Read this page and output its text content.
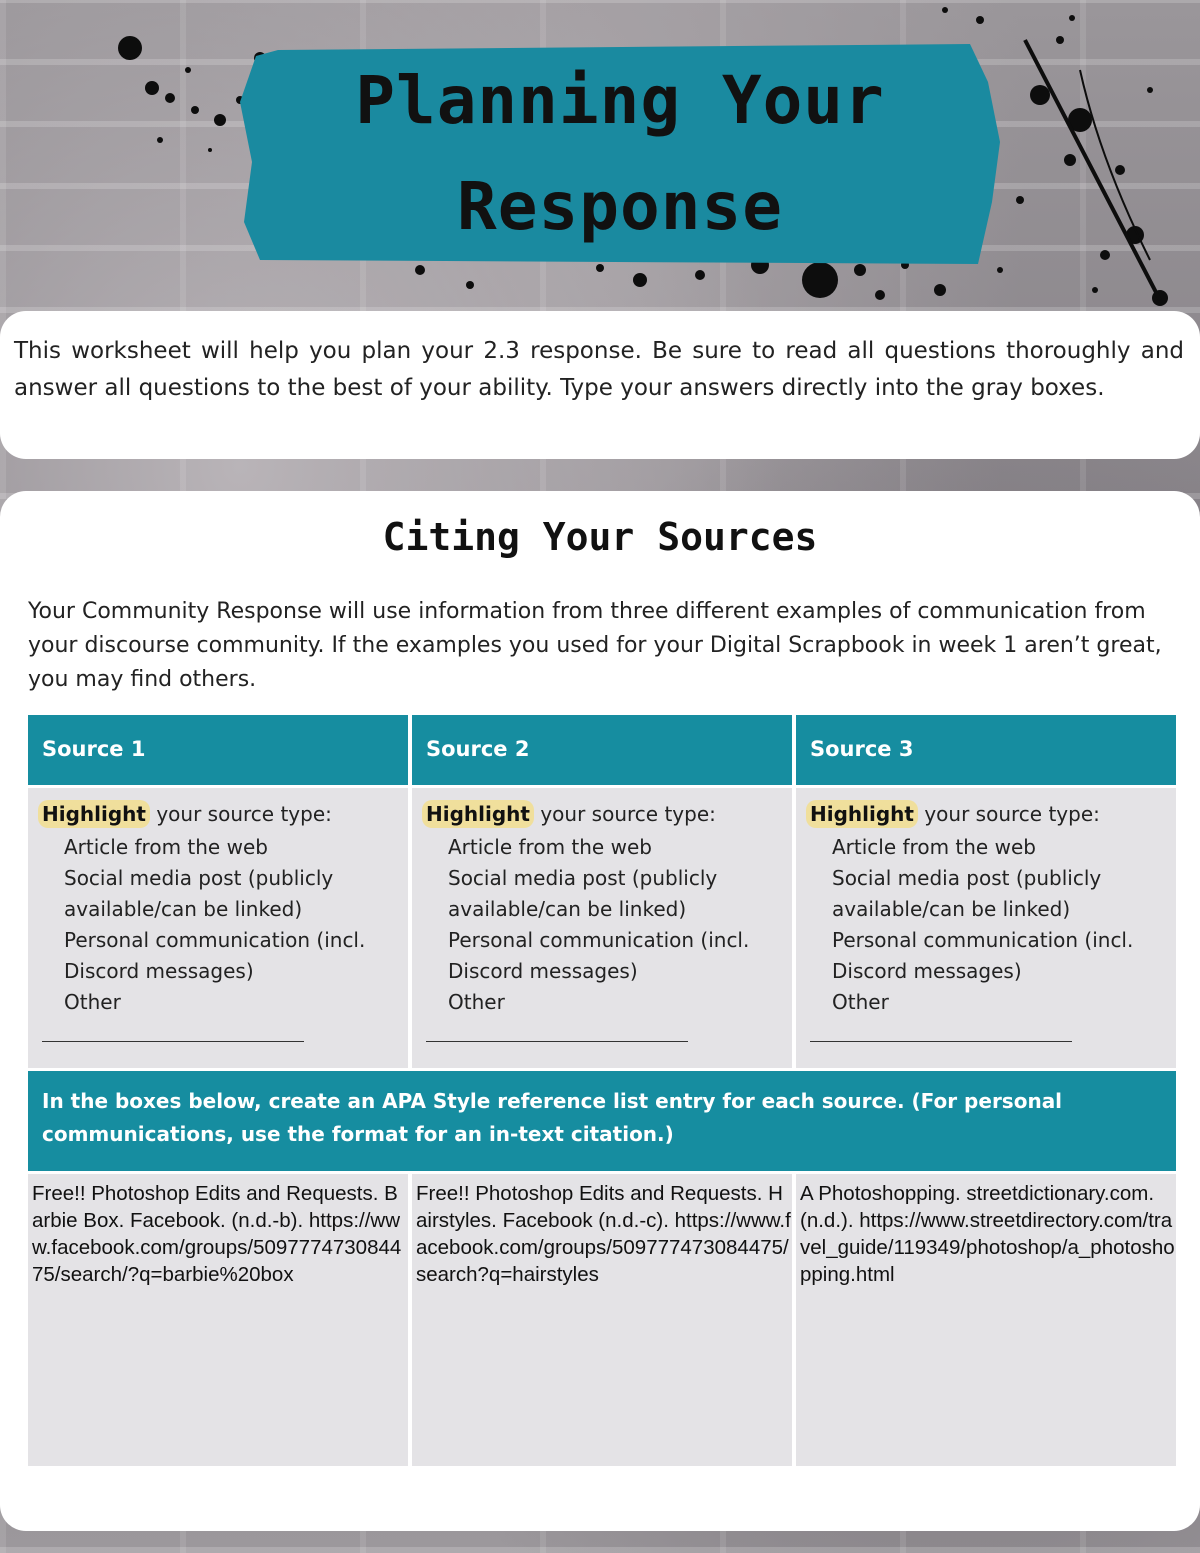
Planning Your
Response
This worksheet will help you plan your 2.3 response. Be sure to read all questions thoroughly and answer all questions to the best of your ability. Type your answers directly into the gray boxes.
Citing Your Sources
Your Community Response will use information from three different examples of communication from your discourse community. If the examples you used for your Digital Scrapbook in week 1 aren’t great, you may find others.
Source 1	Source 2	Source 3
Highlight your source type:
Article from the web
Social media post (publicly
available/can be linked)
Personal communication (incl.
Discord messages)
Other
Highlight your source type:
Article from the web
Social media post (publicly
available/can be linked)
Personal communication (incl.
Discord messages)
Other
Highlight your source type:
Article from the web
Social media post (publicly
available/can be linked)
Personal communication (incl.
Discord messages)
Other
In the boxes below, create an APA Style reference list entry for each source. (For personal communications, use the format for an in-text citation.)
Free!! Photoshop Edits and Requests. Barbie Box. Facebook. (n.d.-b). https://www.facebook.com/groups/509777473084475/search/?q=barbie%20box
Free!! Photoshop Edits and Requests. Hairstyles. Facebook (n.d.-c). https://www.facebook.com/groups/509777473084475/search?q=hairstyles
A Photoshopping. streetdictionary.com. (n.d.). https://www.streetdirectory.com/travel_guide/119349/photoshop/a_photoshopping.html
